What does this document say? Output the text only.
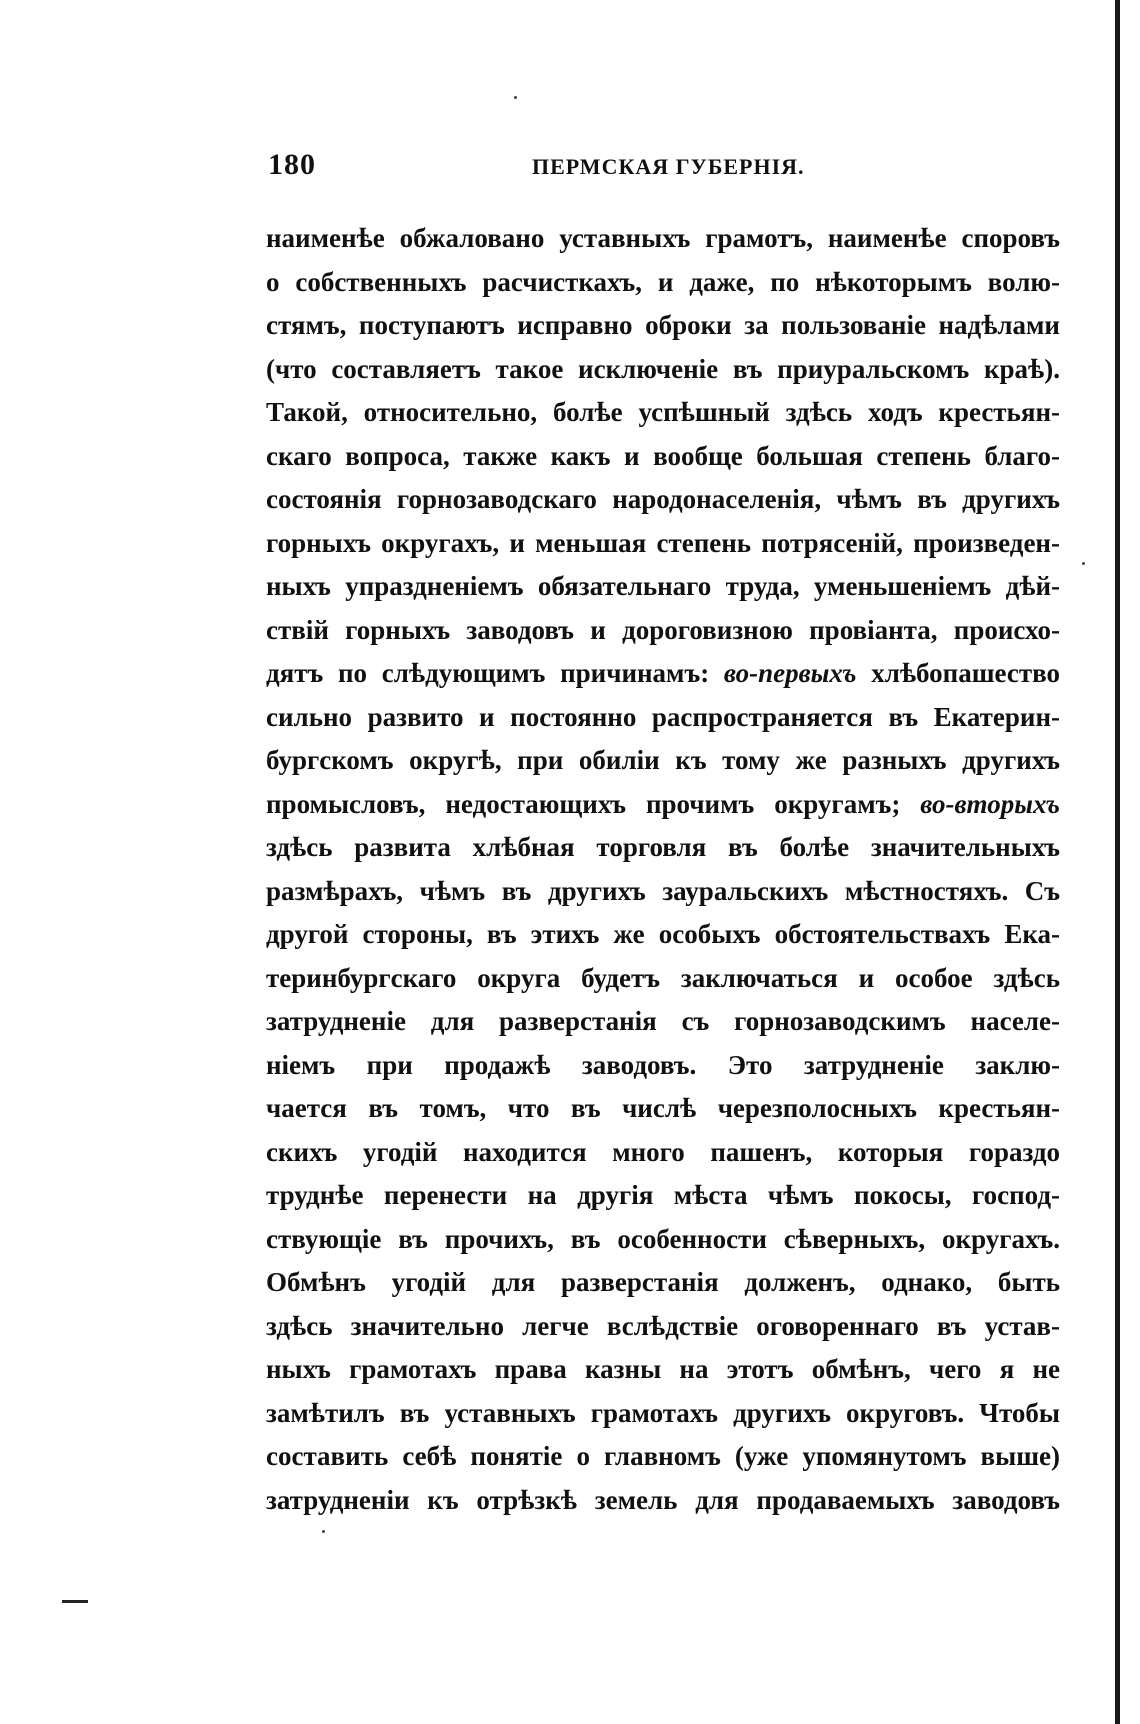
180	ПЕРМСКАЯ ГУБЕРНІЯ.
наименѣе обжаловано уставныхъ грамотъ, наименѣе споровъ
о собственныхъ расчисткахъ, и даже, по нѣкоторымъ волю-
стямъ, поступаютъ исправно оброки за пользованіе надѣлами
(что составляетъ такое исключеніе въ приуральскомъ краѣ).
Такой, относительно, болѣе успѣшный здѣсь ходъ крестьян-
скаго вопроса, также какъ и вообще большая степень благо-
состоянія горнозаводскаго народонаселенія, чѣмъ въ другихъ
горныхъ округахъ, и меньшая степень потрясеній, произведен-
ныхъ упраздненіемъ обязательнаго труда, уменьшеніемъ дѣй-
ствій горныхъ заводовъ и дороговизною провіанта, происхо-
дятъ по слѣдующимъ причинамъ: во-первыхъ хлѣбопашество
сильно развито и постоянно распространяется въ Екатерин-
бургскомъ округѣ, при обиліи къ тому же разныхъ другихъ
промысловъ, недостающихъ прочимъ округамъ; во-вторыхъ
здѣсь развита хлѣбная торговля въ болѣе значительныхъ
размѣрахъ, чѣмъ въ другихъ зауральскихъ мѣстностяхъ. Съ
другой стороны, въ этихъ же особыхъ обстоятельствахъ Ека-
теринбургскаго округа будетъ заключаться и особое здѣсь
затрудненіе для разверстанія съ горнозаводскимъ населе-
ніемъ при продажѣ заводовъ. Это затрудненіе заклю-
чается въ томъ, что въ числѣ черезполосныхъ крестьян-
скихъ угодій находится много пашенъ, которыя гораздо
труднѣе перенести на другія мѣста чѣмъ покосы, господ-
ствующіе въ прочихъ, въ особенности сѣверныхъ, округахъ.
Обмѣнъ угодій для разверстанія долженъ, однако, быть
здѣсь значительно легче вслѣдствіе оговореннаго въ устав-
ныхъ грамотахъ права казны на этотъ обмѣнъ, чего я не
замѣтилъ въ уставныхъ грамотахъ другихъ округовъ. Чтобы
составить себѣ понятіе о главномъ (уже упомянутомъ выше)
затрудненіи къ отрѣзкѣ земель для продаваемыхъ заводовъ
